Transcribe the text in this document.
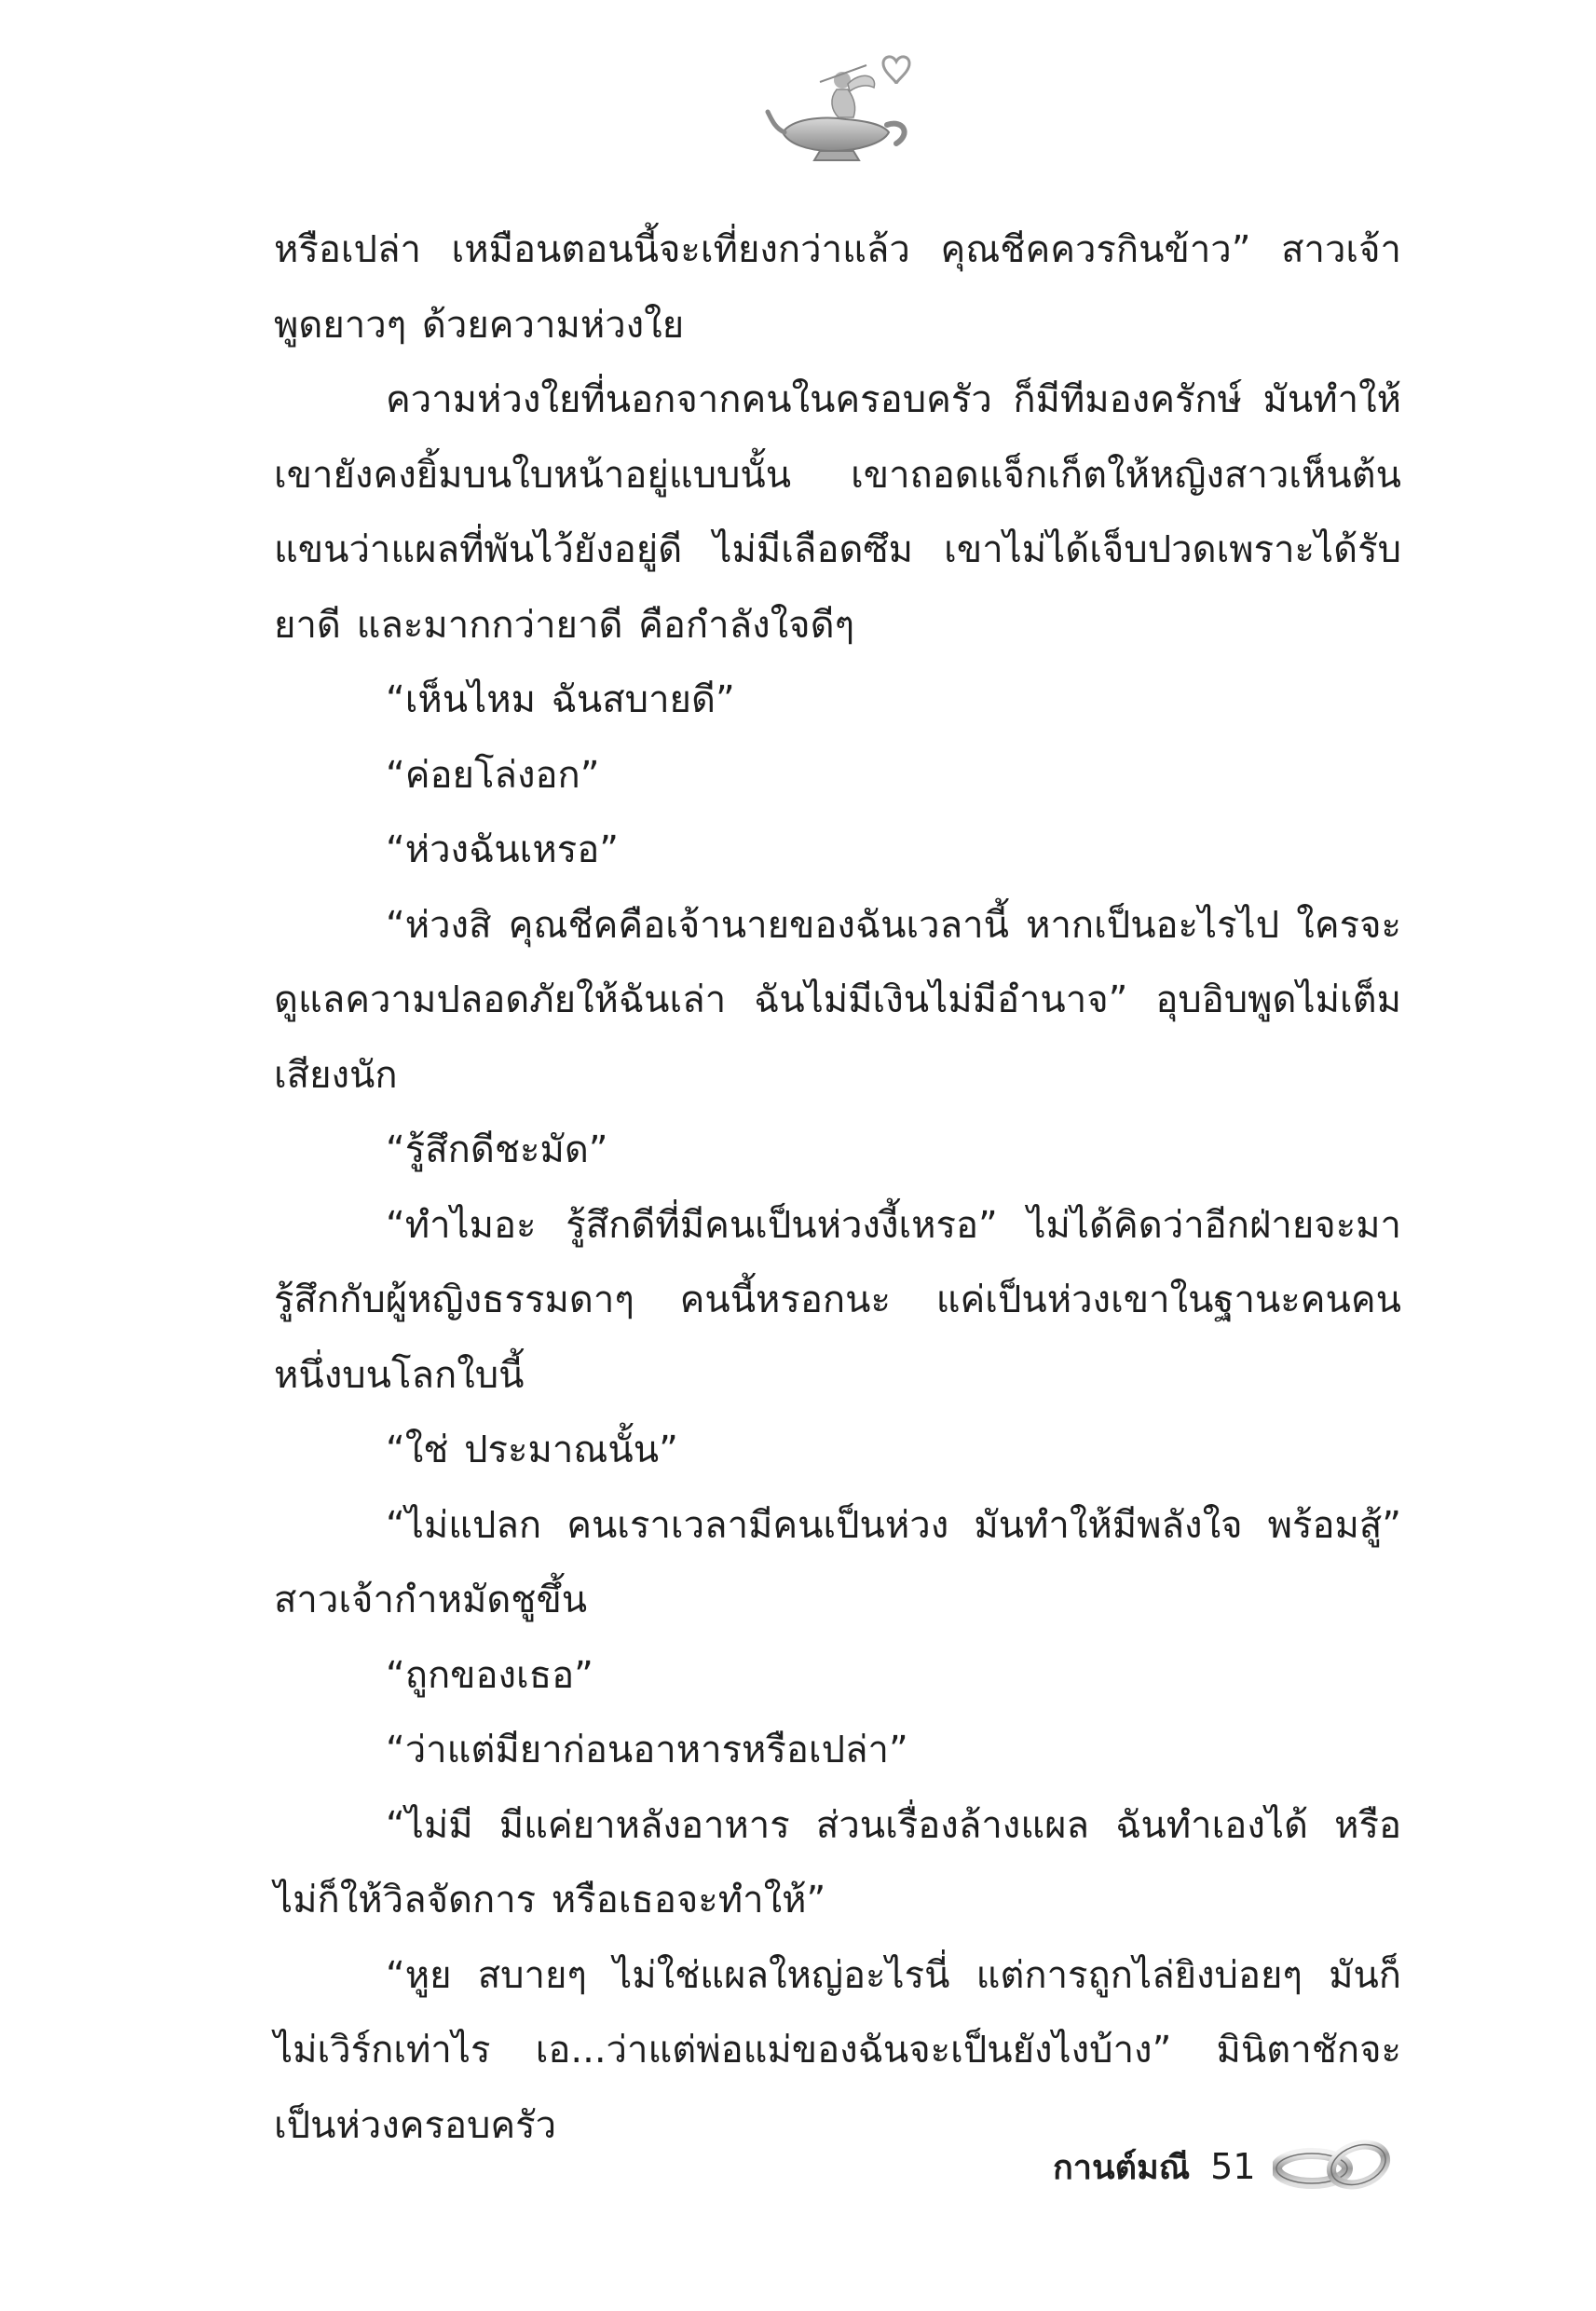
หรือเปล่า เหมือนตอนนี้จะเที่ยงกว่าแล้ว คุณชีคควรกินข้าว” สาวเจ้าพูดยาวๆ ด้วยความห่วงใย

ความห่วงใยที่นอกจากคนในครอบครัว ก็มีทีมองครักษ์ มันทำให้เขายังคงยิ้มบนใบหน้าอยู่แบบนั้น เขาถอดแจ็กเก็ตให้หญิงสาวเห็นต้นแขนว่าแผลที่พันไว้ยังอยู่ดี ไม่มีเลือดซึม เขาไม่ได้เจ็บปวดเพราะได้รับยาดี และมากกว่ายาดี คือกำลังใจดีๆ

“เห็นไหม ฉันสบายดี”

“ค่อยโล่งอก”

“ห่วงฉันเหรอ”

“ห่วงสิ คุณชีคคือเจ้านายของฉันเวลานี้ หากเป็นอะไรไป ใครจะดูแลความปลอดภัยให้ฉันเล่า ฉันไม่มีเงินไม่มีอำนาจ” อุบอิบพูดไม่เต็มเสียงนัก

“รู้สึกดีชะมัด”

“ทำไมอะ รู้สึกดีที่มีคนเป็นห่วงงี้เหรอ” ไม่ได้คิดว่าอีกฝ่ายจะมารู้สึกกับผู้หญิงธรรมดาๆ คนนี้หรอกนะ แค่เป็นห่วงเขาในฐานะคนคนหนึ่งบนโลกใบนี้

“ใช่ ประมาณนั้น”

“ไม่แปลก คนเราเวลามีคนเป็นห่วง มันทำให้มีพลังใจ พร้อมสู้” สาวเจ้ากำหมัดชูขึ้น

“ถูกของเธอ”

“ว่าแต่มียาก่อนอาหารหรือเปล่า”

“ไม่มี มีแค่ยาหลังอาหาร ส่วนเรื่องล้างแผล ฉันทำเองได้ หรือไม่ก็ให้วิลจัดการ หรือเธอจะทำให้”

“หูย สบายๆ ไม่ใช่แผลใหญ่อะไรนี่ แต่การถูกไล่ยิงบ่อยๆ มันก็ไม่เวิร์กเท่าไร เอ...ว่าแต่พ่อแม่ของฉันจะเป็นยังไงบ้าง” มินิตาชักจะเป็นห่วงครอบครัว

กานต์มณี 51
